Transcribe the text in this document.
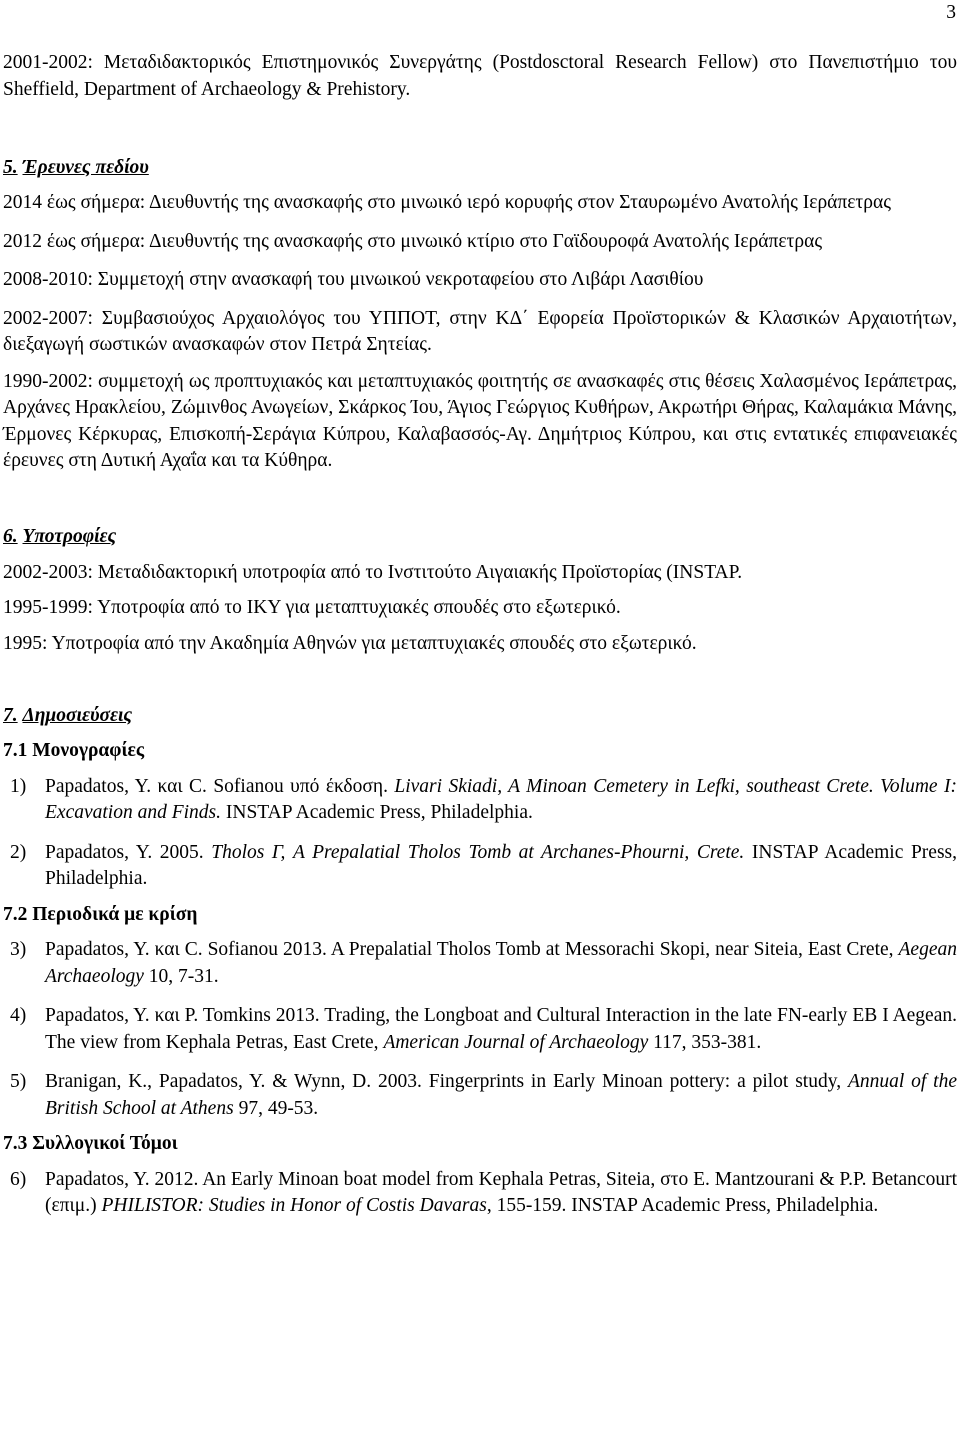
3

2001-2002: Μεταδιδακτορικός Επιστημονικός Συνεργάτης (Postdosctoral Research Fellow) στο Πανεπιστήμιο του Sheffield, Department of Archaeology & Prehistory.

5. Έρευνες πεδίου

2014 έως σήμερα: Διευθυντής της ανασκαφής στο μινωικό ιερό κορυφής στον Σταυρωμένο Ανατολής Ιεράπετρας

2012 έως σήμερα: Διευθυντής της ανασκαφής στο μινωικό κτίριο στο Γαϊδουροφά Ανατολής Ιεράπετρας

2008-2010: Συμμετοχή στην ανασκαφή του μινωικού νεκροταφείου στο Λιβάρι Λασιθίου

2002-2007: Συμβασιούχος Αρχαιολόγος του ΥΠΠΟΤ, στην ΚΔ΄ Εφορεία Προϊστορικών & Κλασικών Αρχαιοτήτων, διεξαγωγή σωστικών ανασκαφών στον Πετρά Σητείας.

1990-2002: συμμετοχή ως προπτυχιακός και μεταπτυχιακός φοιτητής σε ανασκαφές στις θέσεις Χαλασμένος Ιεράπετρας, Αρχάνες Ηρακλείου, Ζώμινθος Ανωγείων, Σκάρκος Ίου, Άγιος Γεώργιος Κυθήρων, Ακρωτήρι Θήρας, Καλαμάκια Μάνης, Έρμονες Κέρκυρας, Επισκοπή-Σεράγια Κύπρου, Καλαβασσός-Αγ. Δημήτριος Κύπρου, και στις εντατικές επιφανειακές έρευνες στη Δυτική Αχαΐα και τα Κύθηρα.

6. Υποτροφίες

2002-2003: Μεταδιδακτορική υποτροφία από το Ινστιτούτο Αιγαιακής Προϊστορίας (INSTAP.

1995-1999: Υποτροφία από το ΙΚΥ για μεταπτυχιακές σπουδές στο εξωτερικό.

1995: Υποτροφία από την Ακαδημία Αθηνών για μεταπτυχιακές σπουδές στο εξωτερικό.

7. Δημοσιεύσεις

7.1 Μονογραφίες

1) Papadatos, Y. και C. Sofianou υπό έκδοση. Livari Skiadi, A Minoan Cemetery in Lefki, southeast Crete. Volume I: Excavation and Finds. INSTAP Academic Press, Philadelphia.
2) Papadatos, Y. 2005. Tholos Γ, A Prepalatial Tholos Tomb at Archanes-Phourni, Crete. INSTAP Academic Press, Philadelphia.

7.2 Περιοδικά με κρίση

3) Papadatos, Y. και C. Sofianou 2013. A Prepalatial Tholos Tomb at Messorachi Skopi, near Siteia, East Crete, Aegean Archaeology 10, 7-31.
4) Papadatos, Y. και P. Tomkins 2013. Trading, the Longboat and Cultural Interaction in the late FN-early EB I Aegean. The view from Kephala Petras, East Crete, American Journal of Archaeology 117, 353-381.
5) Branigan, K., Papadatos, Y. & Wynn, D. 2003. Fingerprints in Early Minoan pottery: a pilot study, Annual of the British School at Athens 97, 49-53.

7.3 Συλλογικοί Τόμοι

6) Papadatos, Y. 2012. An Early Minoan boat model from Kephala Petras, Siteia, στο E. Mantzourani & P.P. Betancourt (επιμ.) PHILISTOR: Studies in Honor of Costis Davaras, 155-159. INSTAP Academic Press, Philadelphia.
